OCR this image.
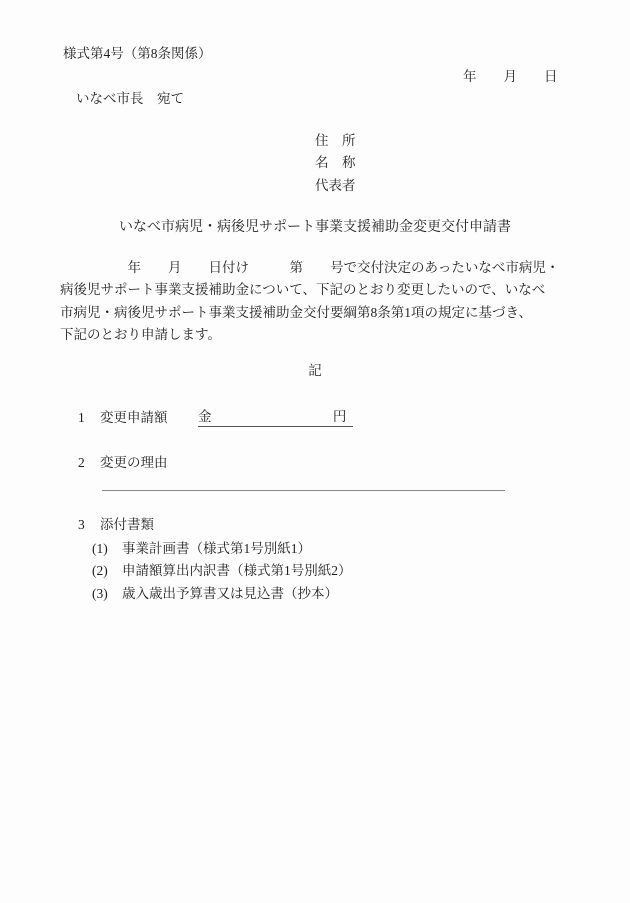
様式第4号（第8条関係）
年　　月　　日
いなべ市長　宛て
住　所
名　称
代表者
いなべ市病児・病後児サポート事業支援補助金変更交付申請書
　　　　　年　　月　　日付け　　　第　　号で交付決定のあったいなべ市病児・
病後児サポート事業支援補助金について、下記のとおり変更したいので、いなべ
市病児・病後児サポート事業支援補助金交付要綱第8条第1項の規定に基づき、
下記のとおり申請します。
記
1 変更申請額 金	円
2 変更の理由
3 添付書類
(1) 事業計画書（様式第1号別紙1）
(2) 申請額算出内訳書（様式第1号別紙2）
(3) 歳入歳出予算書又は見込書（抄本）
